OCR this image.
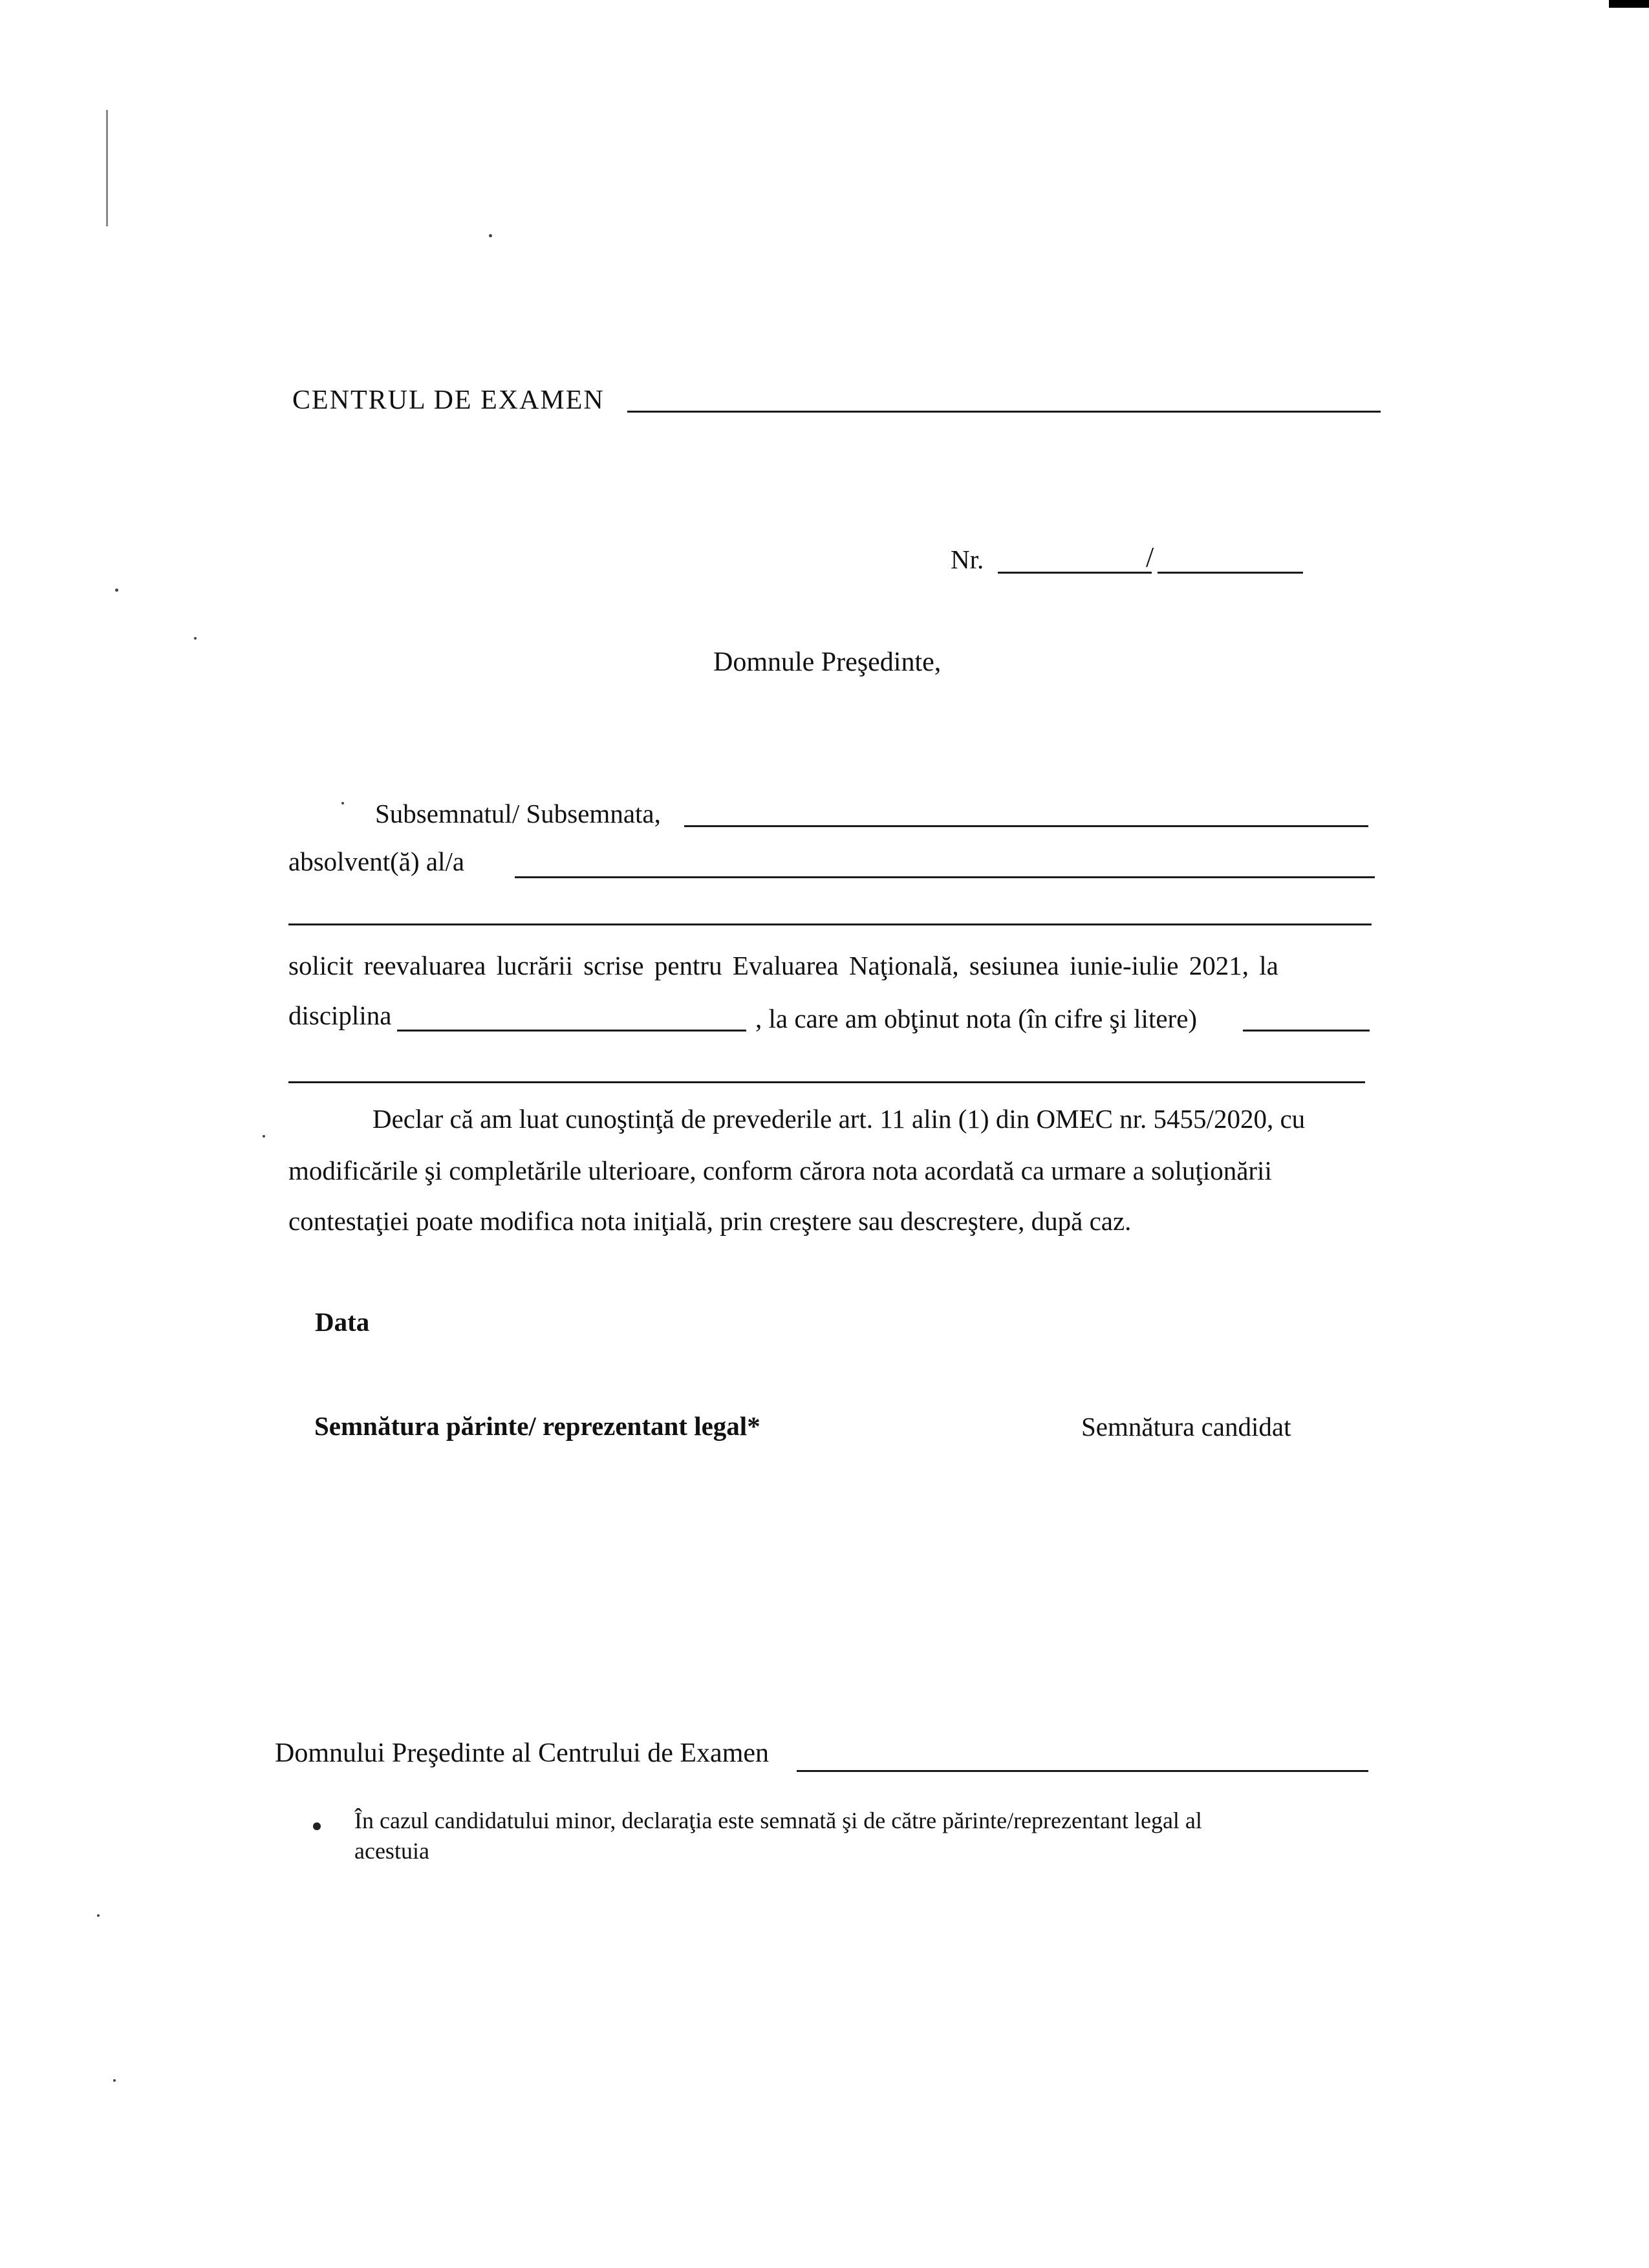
CENTRUL DE EXAMEN
Nr.	/
Domnule Preşedinte,
Subsemnatul/ Subsemnata,
absolvent(ă) al/a
solicit reevaluarea lucrării scrise pentru Evaluarea Naţională, sesiunea iunie-iulie 2021, la
disciplina	, la care am obţinut nota (în cifre şi litere)
Declar că am luat cunoştinţă de prevederile art. 11 alin (1) din OMEC nr. 5455/2020, cu
modificările şi completările ulterioare, conform cărora nota acordată ca urmare a soluţionării
contestaţiei poate modifica nota iniţială, prin creştere sau descreştere, după caz.
Data
Semnătura părinte/ reprezentant legal*	Semnătura candidat
Domnului Preşedinte al Centrului de Examen
În cazul candidatului minor, declaraţia este semnată şi de către părinte/reprezentant legal al
acestuia
